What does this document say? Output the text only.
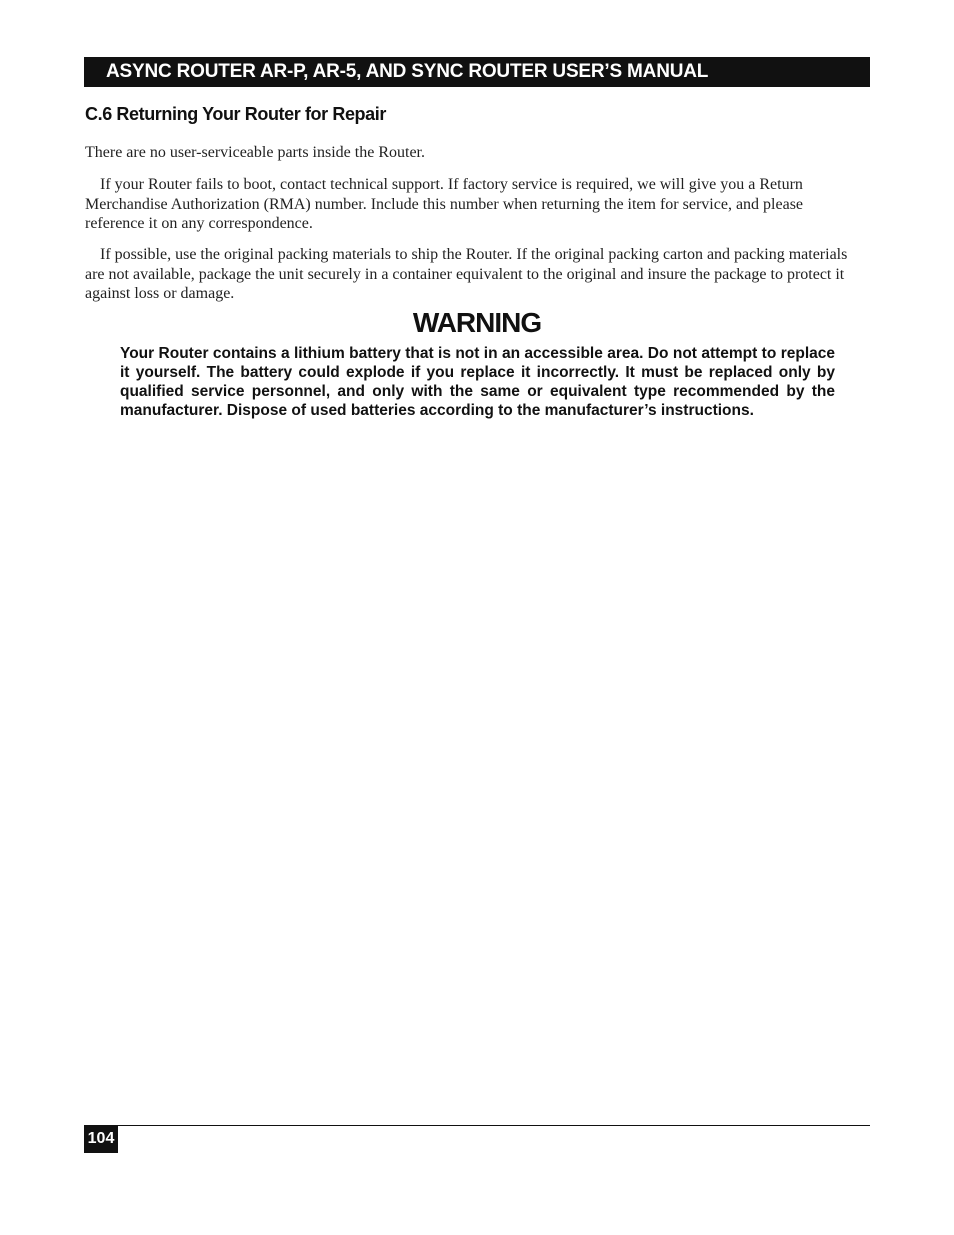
ASYNC ROUTER AR-P, AR-5, AND SYNC ROUTER USER’S MANUAL
C.6 Returning Your Router for Repair

There are no user-serviceable parts inside the Router.

If your Router fails to boot, contact technical support. If factory service is required, we will give you a Return Merchandise Authorization (RMA) number. Include this number when returning the item for service, and please reference it on any correspondence.

If possible, use the original packing materials to ship the Router. If the original packing carton and packing materials are not available, package the unit securely in a container equivalent to the original and insure the package to protect it against loss or damage.

WARNING

Your Router contains a lithium battery that is not in an accessible area. Do not attempt to replace it yourself. The battery could explode if you replace it incorrectly. It must be replaced only by qualified service personnel, and only with the same or equivalent type recommended by the manufacturer. Dispose of used batteries according to the manufacturer’s instructions.

104
